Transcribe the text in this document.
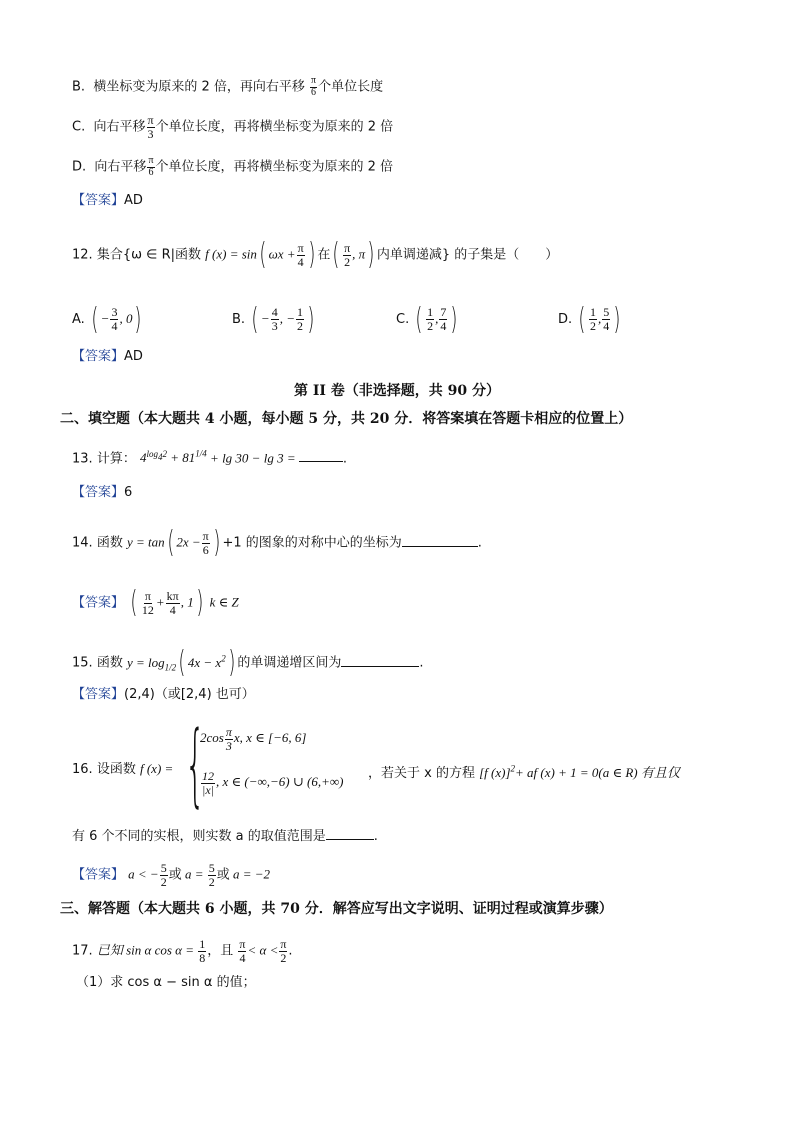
B. 横坐标变为原来的 2 倍，再向右平移 $\frac{\pi}{6}$ 个单位长度
C. 向右平移 $\frac{\pi}{3}$ 个单位长度，再将横坐标变为原来的 2 倍
D. 向右平移 $\frac{\pi}{6}$ 个单位长度，再将横坐标变为原来的 2 倍
【答案】AD
12. 集合{ω ∈ R|函数 f (x) = sin( $\omega x + \frac{\pi}{4}$ ) 在( $\frac{\pi}{2}$ , π) 内单调递减} 的子集是（　　）
A. ( − $\frac{3}{4}$ , 0)	B. ( − $\frac{4}{3}$ , − $\frac{1}{2}$ )	C. ( $\frac{1}{2}$ , $\frac{7}{4}$ )	D. ( $\frac{1}{2}$ , $\frac{5}{4}$ )
【答案】AD
第 II 卷（非选择题，共 90 分）
二、填空题（本大题共 4 小题，每小题 5 分，共 20 分．将答案填在答题卡相应的位置上）
13. 计算： $4^{log_42} + 81^{1/4} + \lg 30 - \lg 3$ =	.
【答案】6
14. 函数 y = tan( $2x - \frac{\pi}{6}$ ) +1 的图象的对称中心的坐标为	.
【答案】 ( $\frac{\pi}{12} + \frac{k\pi}{4}$ , 1) k ∈ Z
15. 函数 $y = \log_{1/2}$( $4x - x^2$) 的单调递增区间为	.
【答案】(2,4)（或[2,4) 也可）
16. 设函数 f (x) = {
$2\cos \frac{\pi}{3} x$, x ∈ [−6, 6]
$\frac{12}{|x|}$ , x ∈ (−∞,−6) ∪ (6,+∞)
，若关于 x 的方程 [f (x)]$^2$+ af (x) + 1 = 0(a ∈ R) 有且仅
有 6 个不同的实根，则实数 a 的取值范围是	.
【答案】 a < − $\frac{5}{2}$ 或 $a = \frac{5}{2}$ 或 a = −2
三、解答题（本大题共 6 小题，共 70 分．解答应写出文字说明、证明过程或演算步骤）
17. 已知 sin α $\cos \alpha = \frac{1}{8}$ ，且 $\frac{\pi}{4} < \alpha < \frac{\pi}{2}$ .
（1）求 cos α − sin α 的值；
